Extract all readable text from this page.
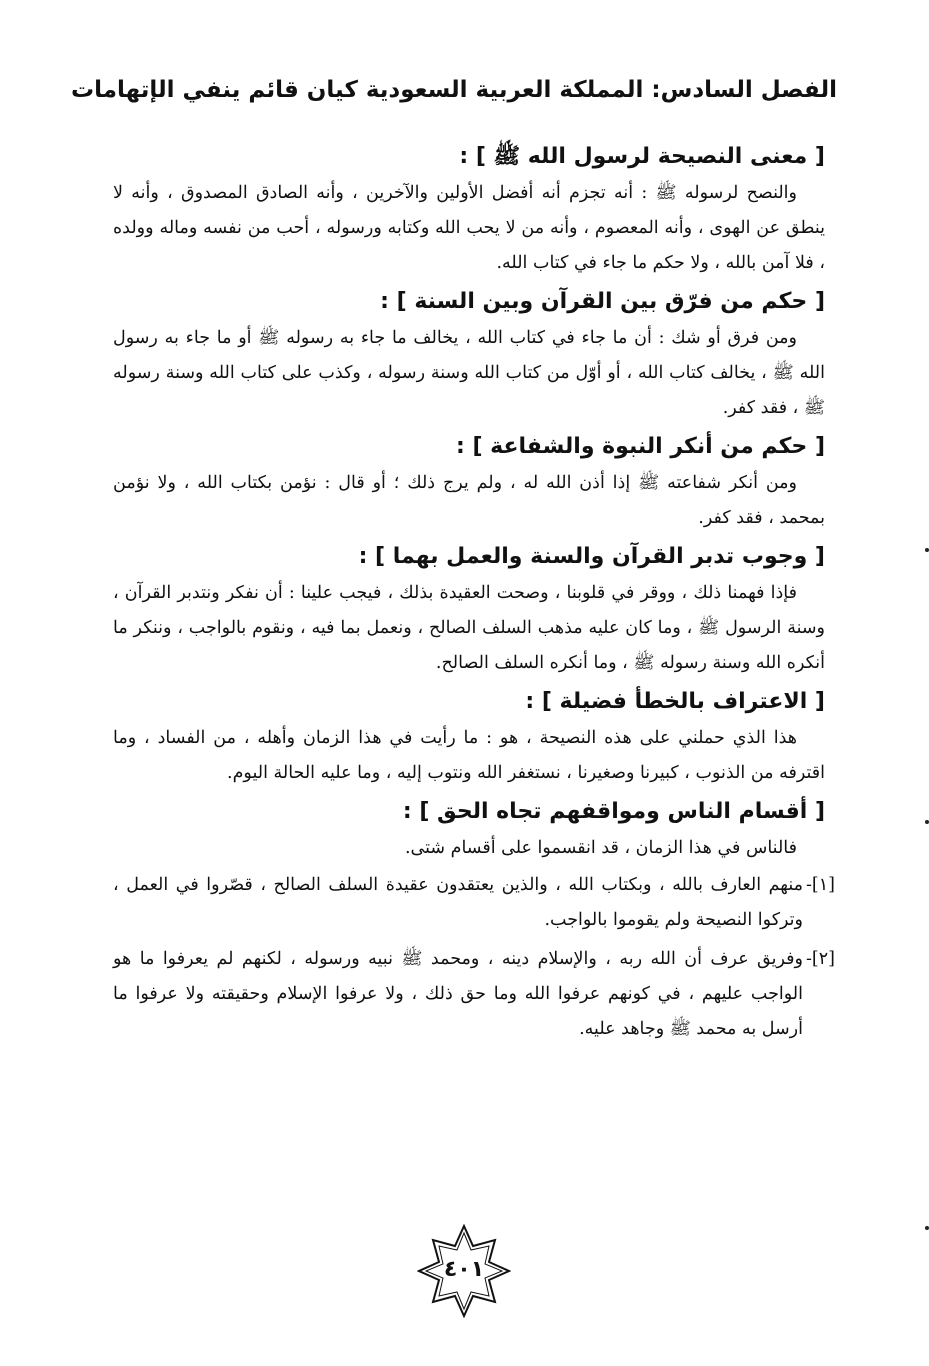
الفصل السادس: المملكة العربية السعودية كيان قائم ينفي الإتهامات
[ معنى النصيحة لرسول الله ﷺ ] :

والنصح لرسوله ﷺ : أنه تجزم أنه أفضل الأولين والآخرين ، وأنه الصادق المصدوق ، وأنه لا ينطق عن الهوى ، وأنه المعصوم ، وأنه من لا يحب الله وكتابه ورسوله ، أحب من نفسه وماله وولده ، فلا آمن بالله ، ولا حكم ما جاء في كتاب الله.

[ حكم من فرّق بين القرآن وبين السنة ] :

ومن فرق أو شك : أن ما جاء في كتاب الله ، يخالف ما جاء به رسوله ﷺ أو ما جاء به رسول الله ﷺ ، يخالف كتاب الله ، أو أوّل من كتاب الله وسنة رسوله ، وكذب على كتاب الله وسنة رسوله ﷺ ، فقد كفر.

[ حكم من أنكر النبوة والشفاعة ] :

ومن أنكر شفاعته ﷺ إذا أذن الله له ، ولم يرج ذلك ؛ أو قال : نؤمن بكتاب الله ، ولا نؤمن بمحمد ، فقد كفر.

[ وجوب تدبر القرآن والسنة والعمل بهما ] :

فإذا فهمنا ذلك ، ووقر في قلوبنا ، وصحت العقيدة بذلك ، فيجب علينا : أن نفكر ونتدبر القرآن ، وسنة الرسول ﷺ ، وما كان عليه مذهب السلف الصالح ، ونعمل بما فيه ، ونقوم بالواجب ، وننكر ما أنكره الله وسنة رسوله ﷺ ، وما أنكره السلف الصالح.

[ الاعتراف بالخطأ فضيلة ] :

هذا الذي حملني على هذه النصيحة ، هو : ما رأيت في هذا الزمان وأهله ، من الفساد ، وما اقترفه من الذنوب ، كبيرنا وصغيرنا ، نستغفر الله ونتوب إليه ، وما عليه الحالة اليوم.

[ أقسام الناس ومواقفهم تجاه الحق ] :

فالناس في هذا الزمان ، قد انقسموا على أقسام شتى.

[١]-
منهم العارف بالله ، وبكتاب الله ، والذين يعتقدون عقيدة السلف الصالح ، قصّروا في العمل ، وتركوا النصيحة ولم يقوموا بالواجب.
[٢]-
وفريق عرف أن الله ربه ، والإسلام دينه ، ومحمد ﷺ نبيه ورسوله ، لكنهم لم يعرفوا ما هو الواجب عليهم ، في كونهم عرفوا الله وما حق ذلك ، ولا عرفوا الإسلام وحقيقته ولا عرفوا ما أرسل به محمد ﷺ وجاهد عليه.
٤٠١
